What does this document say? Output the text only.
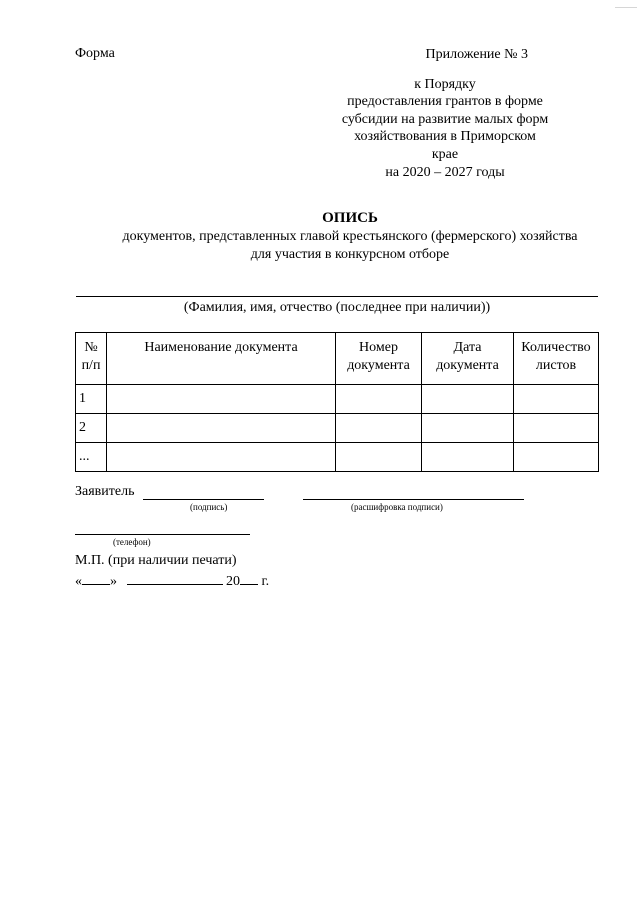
Форма	Приложение № 3
к Порядку
предоставления грантов в форме
субсидии на развитие малых форм
хозяйствования в Приморском крае
на 2020 – 2027 годы
ОПИСЬ
документов, представленных главой крестьянского (фермерского) хозяйства
для участия в конкурсном отборе
(Фамилия, имя, отчество (последнее при наличии))
№ п/п	Наименование документа	Номер документа	Дата документа	Количество листов
1				
2				
...				
Заявитель
(подпись)	(расшифровка подписи)
(телефон)
М.П. (при наличии печати)
« »	20 г.
